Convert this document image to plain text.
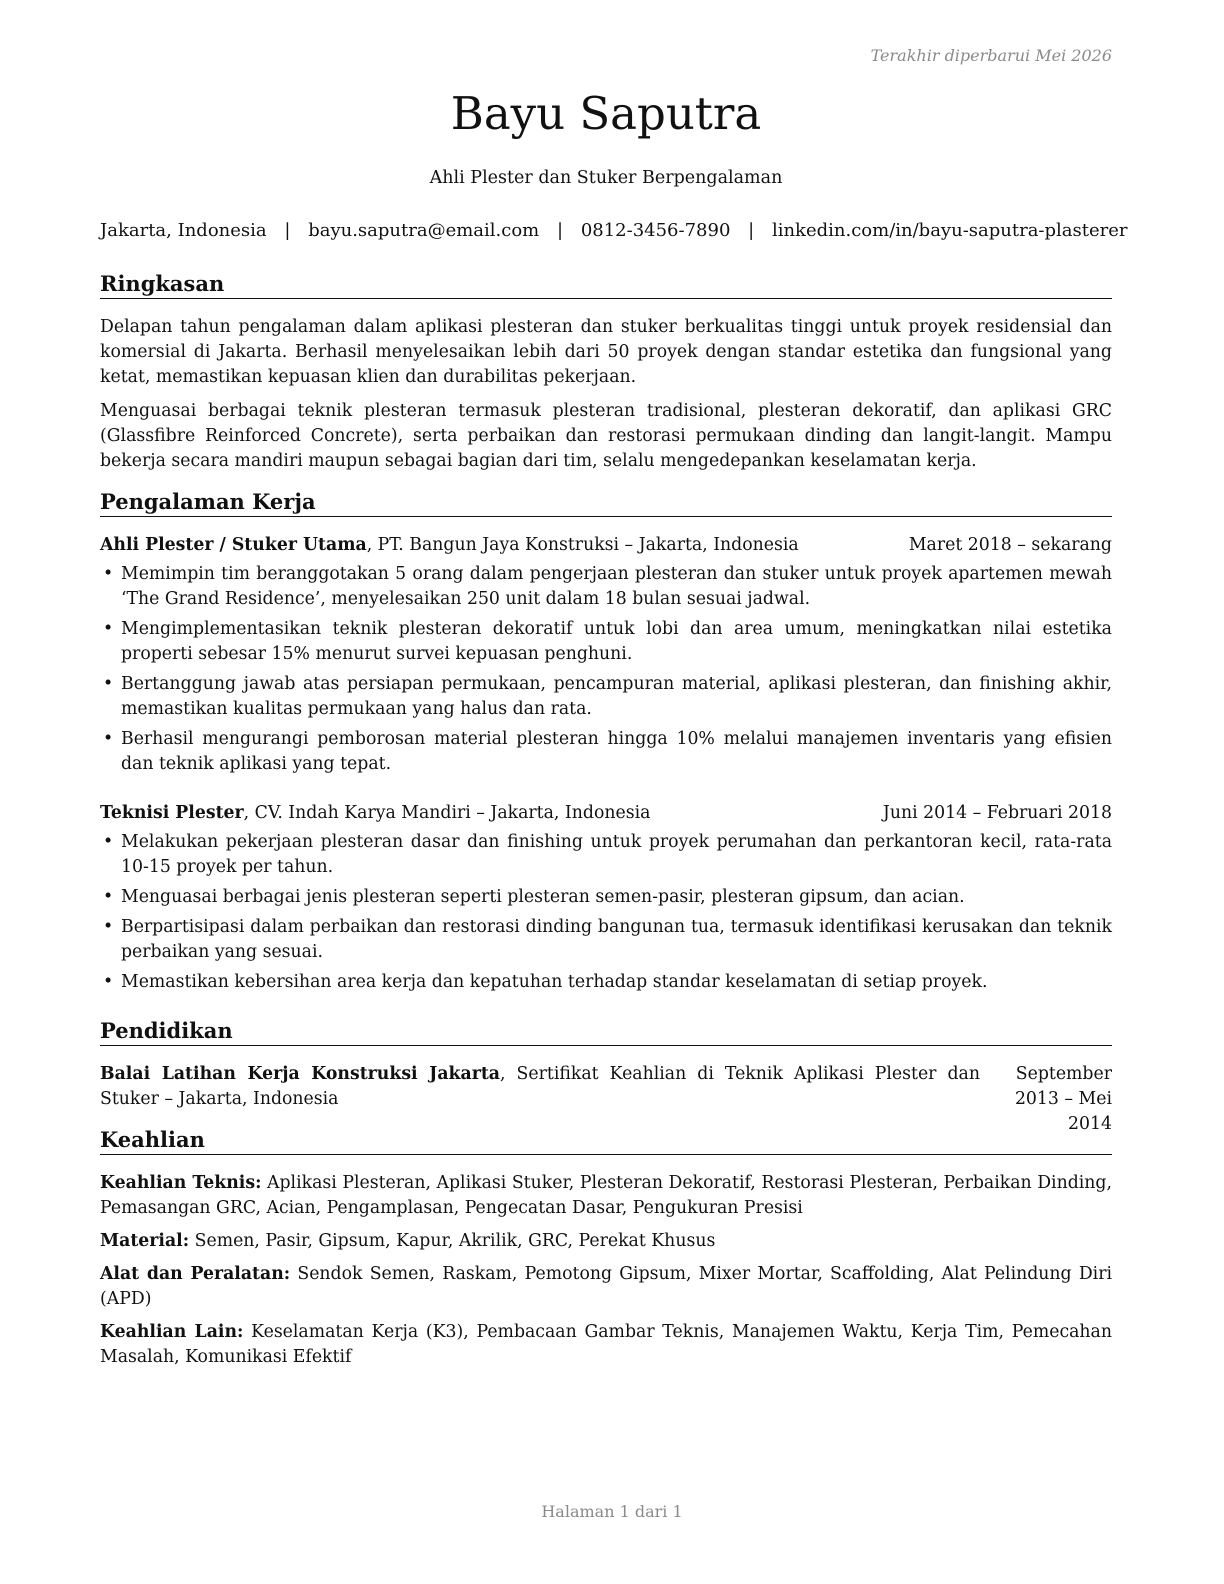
Terakhir diperbarui Mei 2026
Bayu Saputra
Ahli Plester dan Stuker Berpengalaman
Jakarta, Indonesia | bayu.saputra@email.com | 0812-3456-7890 | linkedin.com/in/bayu-saputra-plasterer
Ringkasan

Delapan tahun pengalaman dalam aplikasi plesteran dan stuker berkualitas tinggi untuk proyek residensial dan komersial di Jakarta. Berhasil menyelesaikan lebih dari 50 proyek dengan standar estetika dan fungsional yang ketat, memastikan kepuasan klien dan durabilitas pekerjaan.

Menguasai berbagai teknik plesteran termasuk plesteran tradisional, plesteran dekoratif, dan aplikasi GRC (Glassfibre Reinforced Concrete), serta perbaikan dan restorasi permukaan dinding dan langit-langit. Mampu bekerja secara mandiri maupun sebagai bagian dari tim, selalu mengedepankan keselamatan kerja.

Pengalaman Kerja
Ahli Plester / Stuker Utama, PT. Bangun Jaya Konstruksi – Jakarta, Indonesia	Maret 2018 – sekarang
• Memimpin tim beranggotakan 5 orang dalam pengerjaan plesteran dan stuker untuk proyek apartemen mewah ‘The Grand Residence’, menyelesaikan 250 unit dalam 18 bulan sesuai jadwal.
• Mengimplementasikan teknik plesteran dekoratif untuk lobi dan area umum, meningkatkan nilai estetika properti sebesar 15% menurut survei kepuasan penghuni.
• Bertanggung jawab atas persiapan permukaan, pencampuran material, aplikasi plesteran, dan finishing akhir, memastikan kualitas permukaan yang halus dan rata.
• Berhasil mengurangi pemborosan material plesteran hingga 10% melalui manajemen inventaris yang efisien dan teknik aplikasi yang tepat.
Teknisi Plester, CV. Indah Karya Mandiri – Jakarta, Indonesia	Juni 2014 – Februari 2018
• Melakukan pekerjaan plesteran dasar dan finishing untuk proyek perumahan dan perkantoran kecil, rata-rata 10-15 proyek per tahun.
• Menguasai berbagai jenis plesteran seperti plesteran semen-pasir, plesteran gipsum, dan acian.
• Berpartisipasi dalam perbaikan dan restorasi dinding bangunan tua, termasuk identifikasi kerusakan dan teknik perbaikan yang sesuai.
• Memastikan kebersihan area kerja dan kepatuhan terhadap standar keselamatan di setiap proyek.
Pendidikan
Balai Latihan Kerja Konstruksi Jakarta, Sertifikat Keahlian di Teknik Aplikasi Plester dan Stuker – Jakarta, Indonesia
September 2013 – Mei 2014
Keahlian

Keahlian Teknis: Aplikasi Plesteran, Aplikasi Stuker, Plesteran Dekoratif, Restorasi Plesteran, Perbaikan Dinding, Pemasangan GRC, Acian, Pengamplasan, Pengecatan Dasar, Pengukuran Presisi

Material: Semen, Pasir, Gipsum, Kapur, Akrilik, GRC, Perekat Khusus

Alat dan Peralatan: Sendok Semen, Raskam, Pemotong Gipsum, Mixer Mortar, Scaffolding, Alat Pelindung Diri (APD)

Keahlian Lain: Keselamatan Kerja (K3), Pembacaan Gambar Teknis, Manajemen Waktu, Kerja Tim, Pemecahan Masalah, Komunikasi Efektif

Halaman 1 dari 1
